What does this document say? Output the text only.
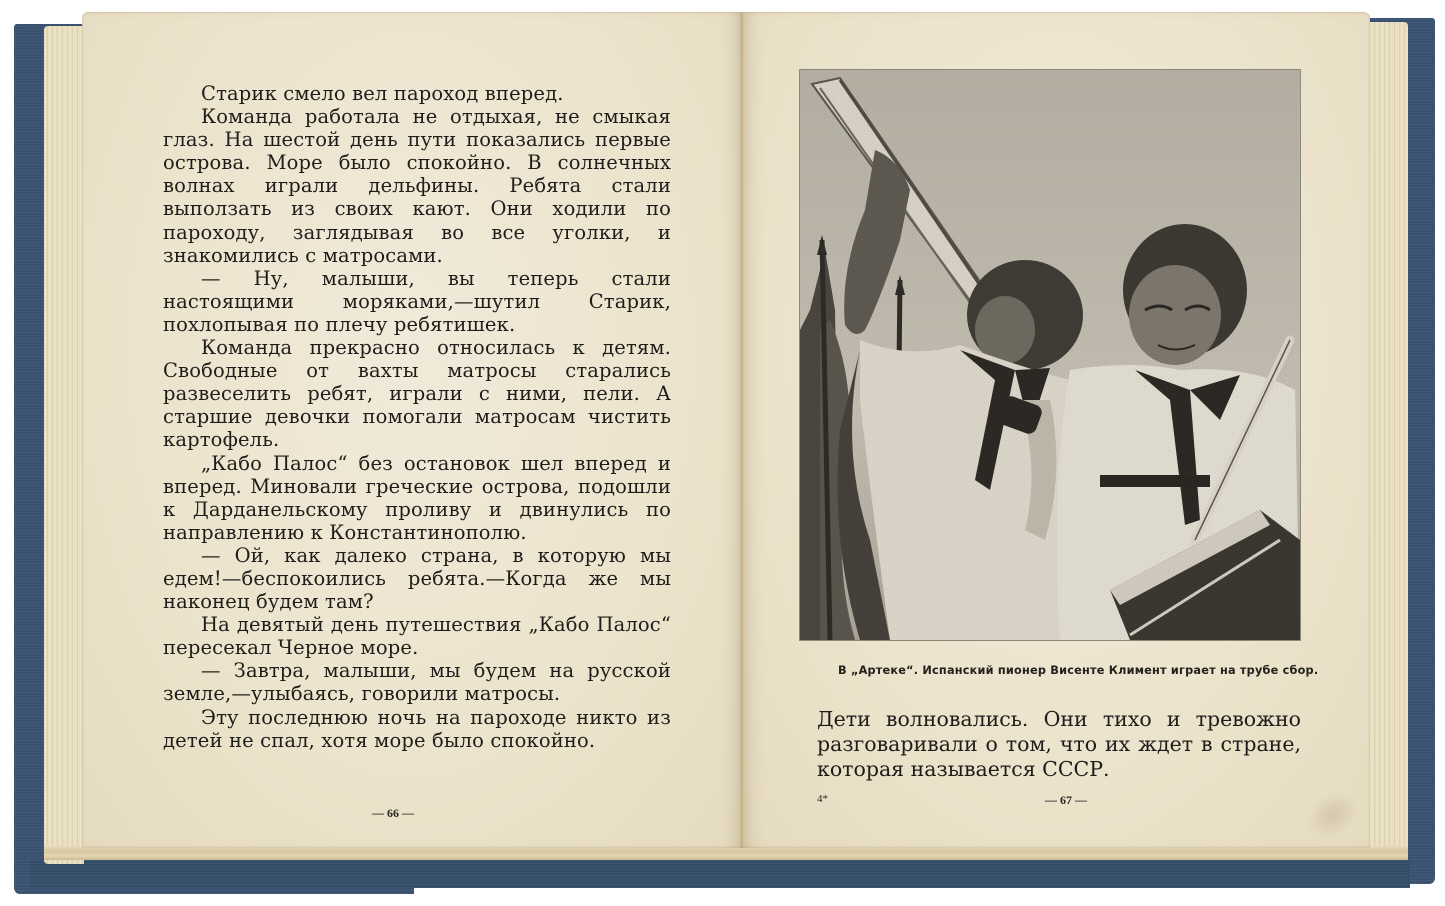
Старик смело вел пароход вперед.

Команда работала не отдыхая, не смыкая глаз. На шестой день пути показались первые острова. Море было спокойно. В солнечных волнах играли дельфины. Ребята стали выползать из своих кают. Они ходили по пароходу, заглядывая во все уголки, и знакомились с матросами.

— Ну, малыши, вы теперь стали настоящими моряками,—шутил Старик, похлопывая по плечу ребятишек.

Команда прекрасно относилась к детям. Свободные от вахты матросы старались развеселить ребят, играли с ними, пели. А старшие девочки помогали матросам чистить картофель.

„Кабо Палос“ без остановок шел вперед и вперед. Миновали греческие острова, подошли к Дарданельскому проливу и двинулись по направлению к Константинополю.

— Ой, как далеко страна, в которую мы едем!—беспокоились ребята.—Когда же мы наконец будем там?

На девятый день путешествия „Кабо Палос“ пересекал Черное море.

— Завтра, малыши, мы будем на русской земле,—улыбаясь, говорили матросы.

Эту последнюю ночь на пароходе никто из детей не спал, хотя море было спокойно.

— 66 —
В „Артеке“. Испанский пионер Висенте Климент играет на трубе сбор.

Дети волновались. Они тихо и тревожно разговаривали о том, что их ждет в стране, которая называется СССР.

4*	— 67 —
